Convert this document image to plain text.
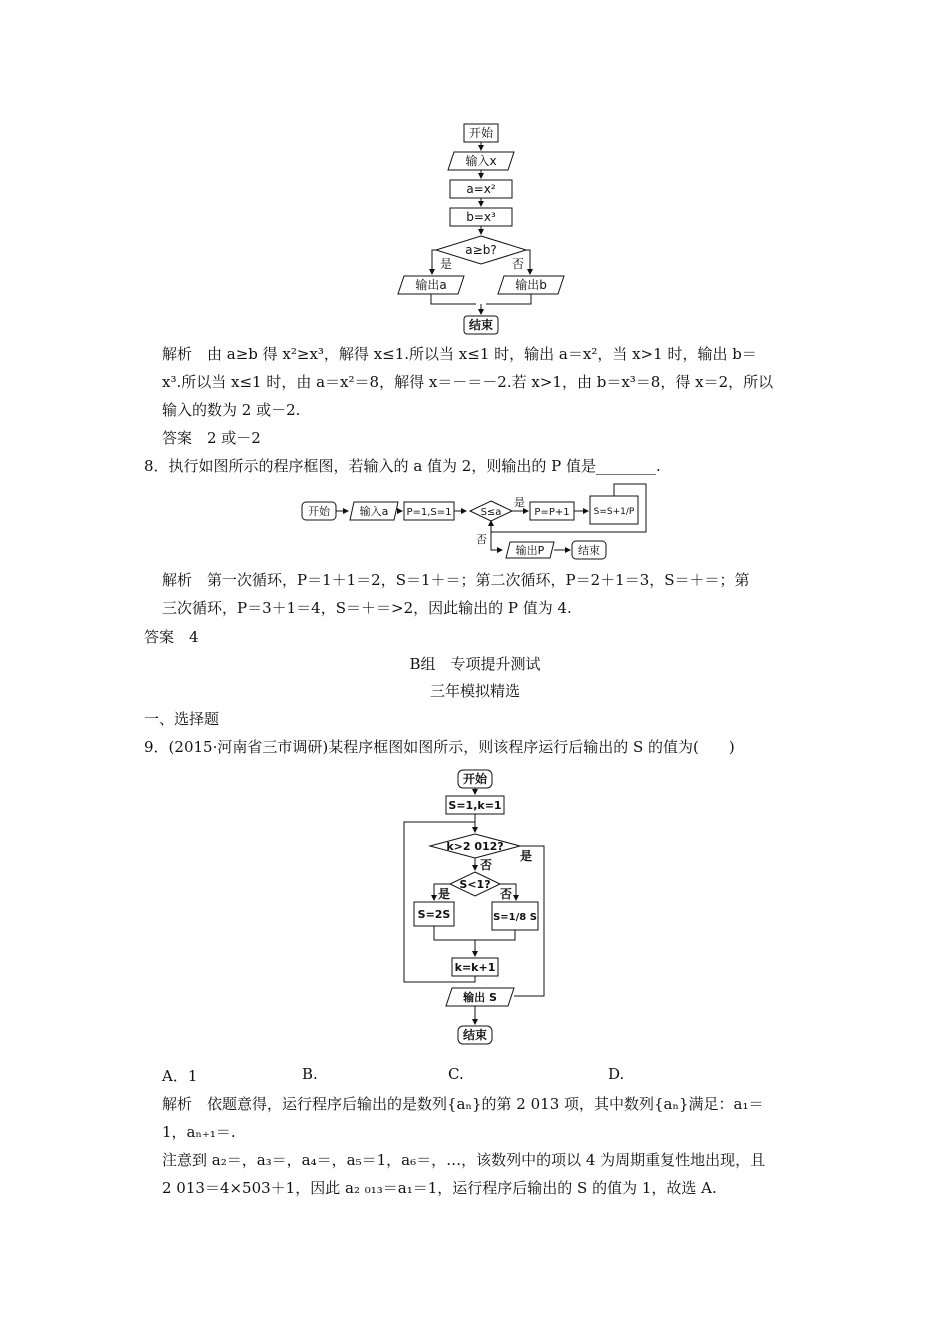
开始
输入x
a=x²
b=x³
a≥b?
是	否
输出a	输出b
结束
解析　由 a≥b 得 x²≥x³，解得 x≤1.所以当 x≤1 时，输出 a＝x²，当 x>1 时，输出 b＝
x³.所以当 x≤1 时，由 a＝x²＝8，解得 x＝－＝－2.若 x>1，由 b＝x³＝8，得 x＝2，所以
输入的数为 2 或－2.
答案　2 或－2
8．执行如图所示的程序框图，若输入的 a 值为 2，则输出的 P 值是________.
开始	输入a P=1,S=1	S≤a
是
否
P=P+1	S=S+1/P
输出P	结束
解析　第一次循环，P＝1＋1＝2，S＝1＋＝；第二次循环，P＝2＋1＝3，S＝＋＝；第
三次循环，P＝3＋1＝4，S＝＋＝>2，因此输出的 P 值为 4.
答案　4
B组　专项提升测试
三年模拟精选
一、选择题
9．(2015·河南省三市调研)某程序框图如图所示，则该程序运行后输出的 S 的值为(　　)
开始
S=1,k=1
k>2 012?
是
否
S<1?
是	否
S=2S	S=1/8 S
k=k+1
输出 S
结束
A．1	B.	C.	D.
解析　依题意得，运行程序后输出的是数列{aₙ}的第 2 013 项，其中数列{aₙ}满足：a₁＝
1，aₙ₊₁＝.
注意到 a₂＝，a₃＝，a₄＝，a₅＝1，a₆＝，…，该数列中的项以 4 为周期重复性地出现，且
2 013＝4×503＋1，因此 a₂ ₀₁₃＝a₁＝1，运行程序后输出的 S 的值为 1，故选 A.
